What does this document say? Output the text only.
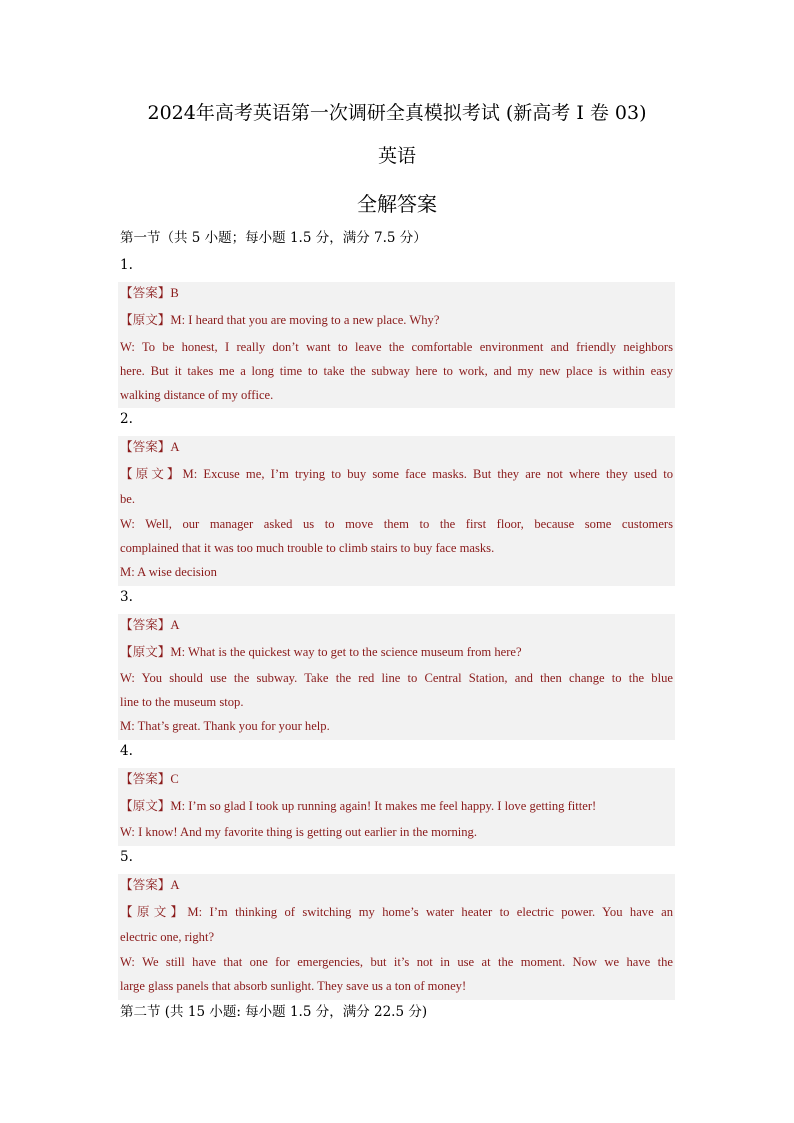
2024年高考英语第一次调研全真模拟考试 (新高考 I 卷 03)
英语
全解答案
第一节（共 5 小题；每小题 1.5 分，满分 7.5 分）
1.
【答案】B
【原文】M: I heard that you are moving to a new place. Why?
W: To be honest, I really don’t want to leave the comfortable environment and friendly neighbors
here. But it takes me a long time to take the subway here to work, and my new place is within easy
walking distance of my office.
2.
【答案】A
【原文】M: Excuse me, I’m trying to buy some face masks. But they are not where they used to
be.
W: Well, our manager asked us to move them to the first floor, because some customers
complained that it was too much trouble to climb stairs to buy face masks.
M: A wise decision
3.
【答案】A
【原文】M: What is the quickest way to get to the science museum from here?
W: You should use the subway. Take the red line to Central Station, and then change to the blue
line to the museum stop.
M: That’s great. Thank you for your help.
4.
【答案】C
【原文】M: I’m so glad I took up running again! It makes me feel happy. I love getting fitter!
W: I know! And my favorite thing is getting out earlier in the morning.
5.
【答案】A
【原文】M: I’m thinking of switching my home’s water heater to electric power. You have an
electric one, right?
W: We still have that one for emergencies, but it’s not in use at the moment. Now we have the
large glass panels that absorb sunlight. They save us a ton of money!
第二节 (共 15 小题: 每小题 1.5 分，满分 22.5 分)
